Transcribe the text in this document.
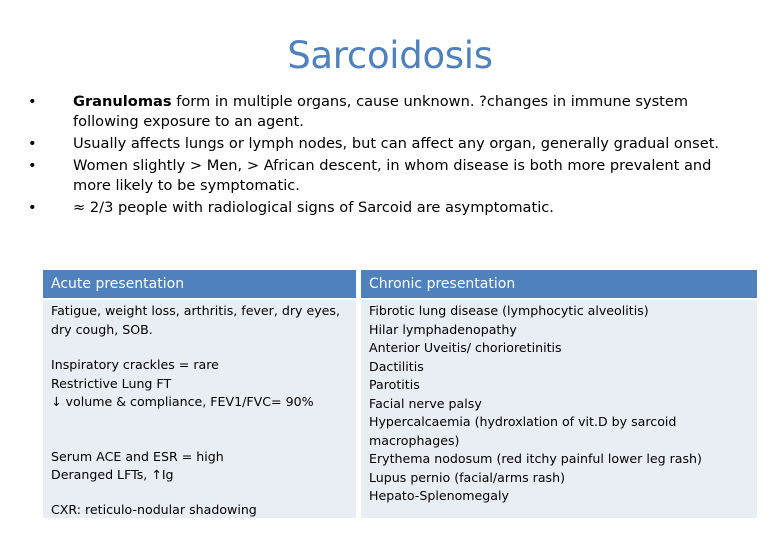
Sarcoidosis
• Granulomas form in multiple organs, cause unknown. ?changes in immune system following exposure to an agent.
• Usually affects lungs or lymph nodes, but can affect any organ, generally gradual onset.
• Women slightly > Men, > African descent, in whom disease is both more prevalent and more likely to be symptomatic.
• ≈ 2/3 people with radiological signs of Sarcoid are asymptomatic.
Acute presentation	Chronic presentation

Fatigue, weight loss, arthritis, fever, dry eyes, dry cough, SOB.

Inspiratory crackles = rare

Restrictive Lung FT

↓ volume & compliance, FEV1/FVC= 90%

Serum ACE and ESR = high

Deranged LFTs, ↑Ig

CXR: reticulo-nodular shadowing

Fibrotic lung disease (lymphocytic alveolitis)

Hilar lymphadenopathy

Anterior Uveitis/ chorioretinitis

Dactilitis

Parotitis

Facial nerve palsy

Hypercalcaemia (hydroxlation of vit.D by sarcoid macrophages)

Erythema nodosum (red itchy painful lower leg rash)

Lupus pernio (facial/arms rash)

Hepato-Splenomegaly
